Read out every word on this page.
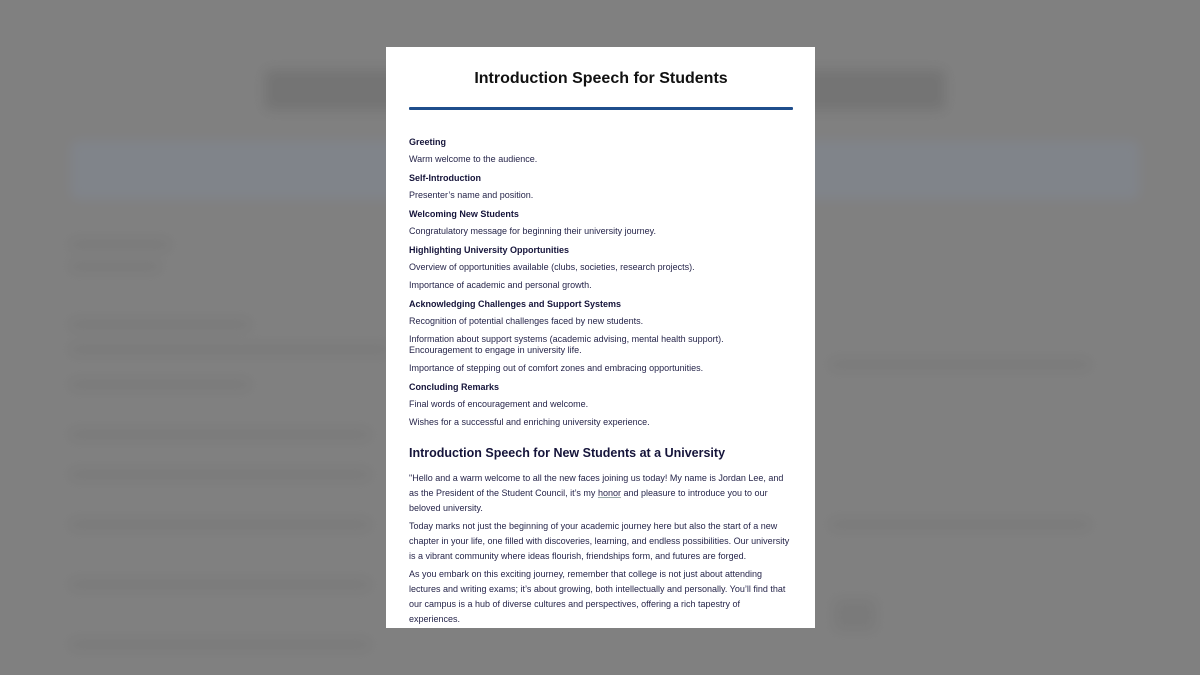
Introduction Speech for Students
Greeting
Warm welcome to the audience.
Self-Introduction
Presenter’s name and position.
Welcoming New Students
Congratulatory message for beginning their university journey.
Highlighting University Opportunities
Overview of opportunities available (clubs, societies, research projects).
Importance of academic and personal growth.
Acknowledging Challenges and Support Systems
Recognition of potential challenges faced by new students.
Information about support systems (academic advising, mental health support).
Encouragement to engage in university life.
Importance of stepping out of comfort zones and embracing opportunities.
Concluding Remarks
Final words of encouragement and welcome.
Wishes for a successful and enriching university experience.
Introduction Speech for New Students at a University
"Hello and a warm welcome to all the new faces joining us today! My name is Jordan Lee, and as the President of the Student Council, it’s my honor and pleasure to introduce you to our beloved university.
Today marks not just the beginning of your academic journey here but also the start of a new chapter in your life, one filled with discoveries, learning, and endless possibilities. Our university is a vibrant community where ideas flourish, friendships form, and futures are forged.
As you embark on this exciting journey, remember that college is not just about attending lectures and writing exams; it’s about growing, both intellectually and personally. You’ll find that our campus is a hub of diverse cultures and perspectives, offering a rich tapestry of experiences.
